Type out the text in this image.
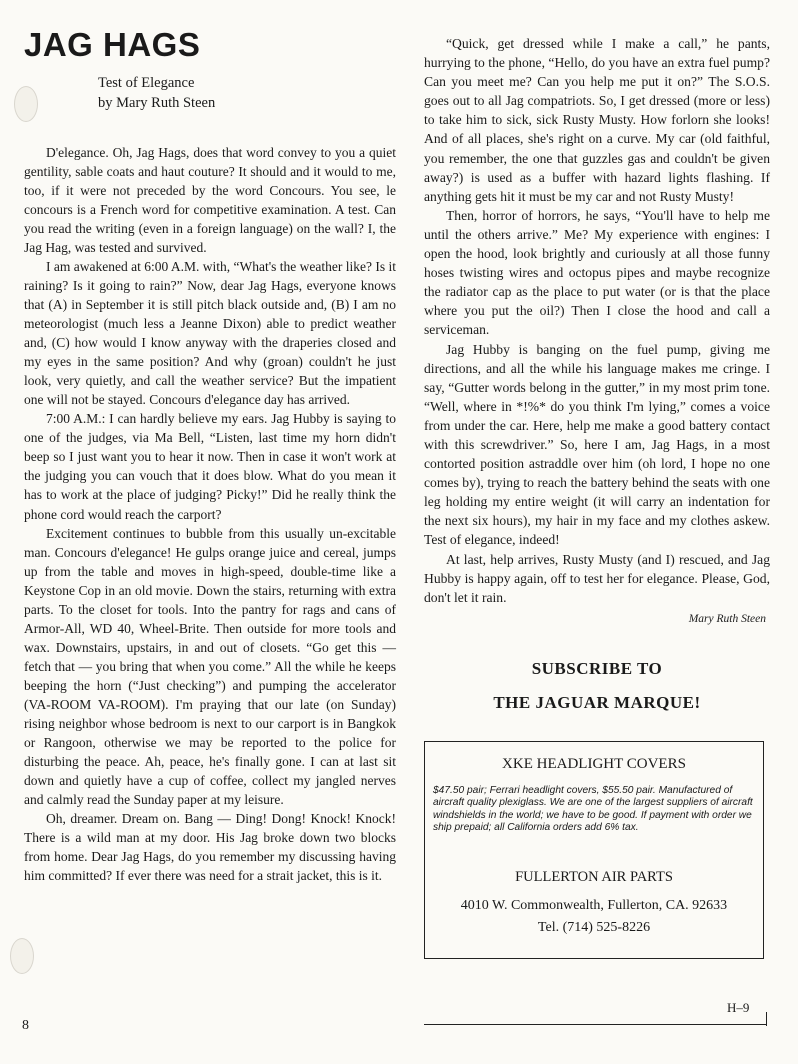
JAG HAGS
Test of Elegance
by Mary Ruth Steen

D'elegance. Oh, Jag Hags, does that word convey to you a quiet gentility, sable coats and haut couture? It should and it would to me, too, if it were not preceded by the word Concours. You see, le concours is a French word for competitive examination. A test. Can you read the writing (even in a foreign language) on the wall? I, the Jag Hag, was tested and survived.

I am awakened at 6:00 A.M. with, “What's the weather like? Is it raining? Is it going to rain?” Now, dear Jag Hags, everyone knows that (A) in September it is still pitch black outside and, (B) I am no meteorologist (much less a Jeanne Dixon) able to predict weather and, (C) how would I know anyway with the draperies closed and my eyes in the same position? And why (groan) couldn't he just look, very quietly, and call the weather service? But the impatient one will not be stayed. Concours d'elegance day has arrived.

7:00 A.M.: I can hardly believe my ears. Jag Hubby is saying to one of the judges, via Ma Bell, “Listen, last time my horn didn't beep so I just want you to hear it now. Then in case it won't work at the judging you can vouch that it does blow. What do you mean it has to work at the place of judging? Picky!” Did he really think the phone cord would reach the carport?

Excitement continues to bubble from this usually un-excitable man. Concours d'elegance! He gulps orange juice and cereal, jumps up from the table and moves in high-speed, double-time like a Keystone Cop in an old movie. Down the stairs, returning with extra parts. To the closet for tools. Into the pantry for rags and cans of Armor-All, WD 40, Wheel-Brite. Then outside for more tools and wax. Downstairs, upstairs, in and out of closets. “Go get this — fetch that — you bring that when you come.” All the while he keeps beeping the horn (“Just checking”) and pumping the accelerator (VA-ROOM VA-ROOM). I'm praying that our late (on Sunday) rising neighbor whose bedroom is next to our carport is in Bangkok or Rangoon, otherwise we may be reported to the police for disturbing the peace. Ah, peace, he's finally gone. I can at last sit down and quietly have a cup of coffee, collect my jangled nerves and calmly read the Sunday paper at my leisure.

Oh, dreamer. Dream on. Bang — Ding! Dong! Knock! Knock! There is a wild man at my door. His Jag broke down two blocks from home. Dear Jag Hags, do you remember my discussing having him committed? If ever there was need for a strait jacket, this is it.

“Quick, get dressed while I make a call,” he pants, hurrying to the phone, “Hello, do you have an extra fuel pump? Can you meet me? Can you help me put it on?” The S.O.S. goes out to all Jag compatriots. So, I get dressed (more or less) to take him to sick, sick Rusty Musty. How forlorn she looks! And of all places, she's right on a curve. My car (old faithful, you remember, the one that guzzles gas and couldn't be given away?) is used as a buffer with hazard lights flashing. If anything gets hit it must be my car and not Rusty Musty!

Then, horror of horrors, he says, “You'll have to help me until the others arrive.” Me? My experience with engines: I open the hood, look brightly and curiously at all those funny hoses twisting wires and octopus pipes and maybe recognize the radiator cap as the place to put water (or is that the place where you put the oil?) Then I close the hood and call a serviceman.

Jag Hubby is banging on the fuel pump, giving me directions, and all the while his language makes me cringe. I say, “Gutter words belong in the gutter,” in my most prim tone. “Well, where in *!%* do you think I'm lying,” comes a voice from under the car. Here, help me make a good battery contact with this screwdriver.” So, here I am, Jag Hags, in a most contorted position astraddle over him (oh lord, I hope no one comes by), trying to reach the battery behind the seats with one leg holding my entire weight (it will carry an indentation for the next six hours), my hair in my face and my clothes askew. Test of elegance, indeed!

At last, help arrives, Rusty Musty (and I) rescued, and Jag Hubby is happy again, off to test her for elegance. Please, God, don't let it rain.

Mary Ruth Steen
SUBSCRIBE TO
THE JAGUAR MARQUE!
XKE HEADLIGHT COVERS
$47.50 pair; Ferrari headlight covers, $55.50 pair. Manufactured of aircraft quality plexiglass. We are one of the largest suppliers of aircraft windshields in the world; we have to be good. If payment with order we ship prepaid; all California orders add 6% tax.
FULLERTON AIR PARTS
4010 W. Commonwealth, Fullerton, CA. 92633
Tel. (714) 525-8226
H–9
8
